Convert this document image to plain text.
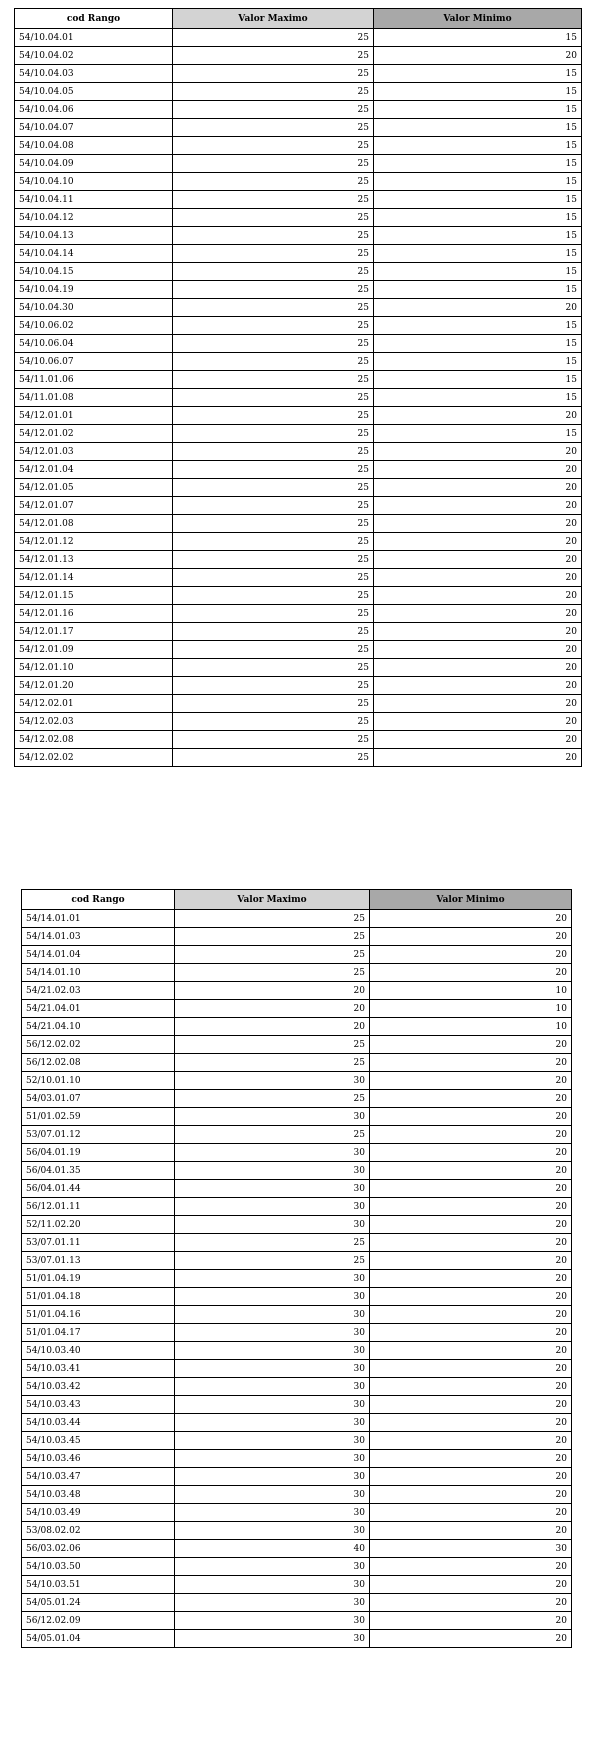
cod Rango	Valor Maximo	Valor Minimo
54/10.04.01	25	15
54/10.04.02	25	20
54/10.04.03	25	15
54/10.04.05	25	15
54/10.04.06	25	15
54/10.04.07	25	15
54/10.04.08	25	15
54/10.04.09	25	15
54/10.04.10	25	15
54/10.04.11	25	15
54/10.04.12	25	15
54/10.04.13	25	15
54/10.04.14	25	15
54/10.04.15	25	15
54/10.04.19	25	15
54/10.04.30	25	20
54/10.06.02	25	15
54/10.06.04	25	15
54/10.06.07	25	15
54/11.01.06	25	15
54/11.01.08	25	15
54/12.01.01	25	20
54/12.01.02	25	15
54/12.01.03	25	20
54/12.01.04	25	20
54/12.01.05	25	20
54/12.01.07	25	20
54/12.01.08	25	20
54/12.01.12	25	20
54/12.01.13	25	20
54/12.01.14	25	20
54/12.01.15	25	20
54/12.01.16	25	20
54/12.01.17	25	20
54/12.01.09	25	20
54/12.01.10	25	20
54/12.01.20	25	20
54/12.02.01	25	20
54/12.02.03	25	20
54/12.02.08	25	20
54/12.02.02	25	20
cod Rango	Valor Maximo	Valor Minimo
54/14.01.01	25	20
54/14.01.03	25	20
54/14.01.04	25	20
54/14.01.10	25	20
54/21.02.03	20	10
54/21.04.01	20	10
54/21.04.10	20	10
56/12.02.02	25	20
56/12.02.08	25	20
52/10.01.10	30	20
54/03.01.07	25	20
51/01.02.59	30	20
53/07.01.12	25	20
56/04.01.19	30	20
56/04.01.35	30	20
56/04.01.44	30	20
56/12.01.11	30	20
52/11.02.20	30	20
53/07.01.11	25	20
53/07.01.13	25	20
51/01.04.19	30	20
51/01.04.18	30	20
51/01.04.16	30	20
51/01.04.17	30	20
54/10.03.40	30	20
54/10.03.41	30	20
54/10.03.42	30	20
54/10.03.43	30	20
54/10.03.44	30	20
54/10.03.45	30	20
54/10.03.46	30	20
54/10.03.47	30	20
54/10.03.48	30	20
54/10.03.49	30	20
53/08.02.02	30	20
56/03.02.06	40	30
54/10.03.50	30	20
54/10.03.51	30	20
54/05.01.24	30	20
56/12.02.09	30	20
54/05.01.04	30	20
